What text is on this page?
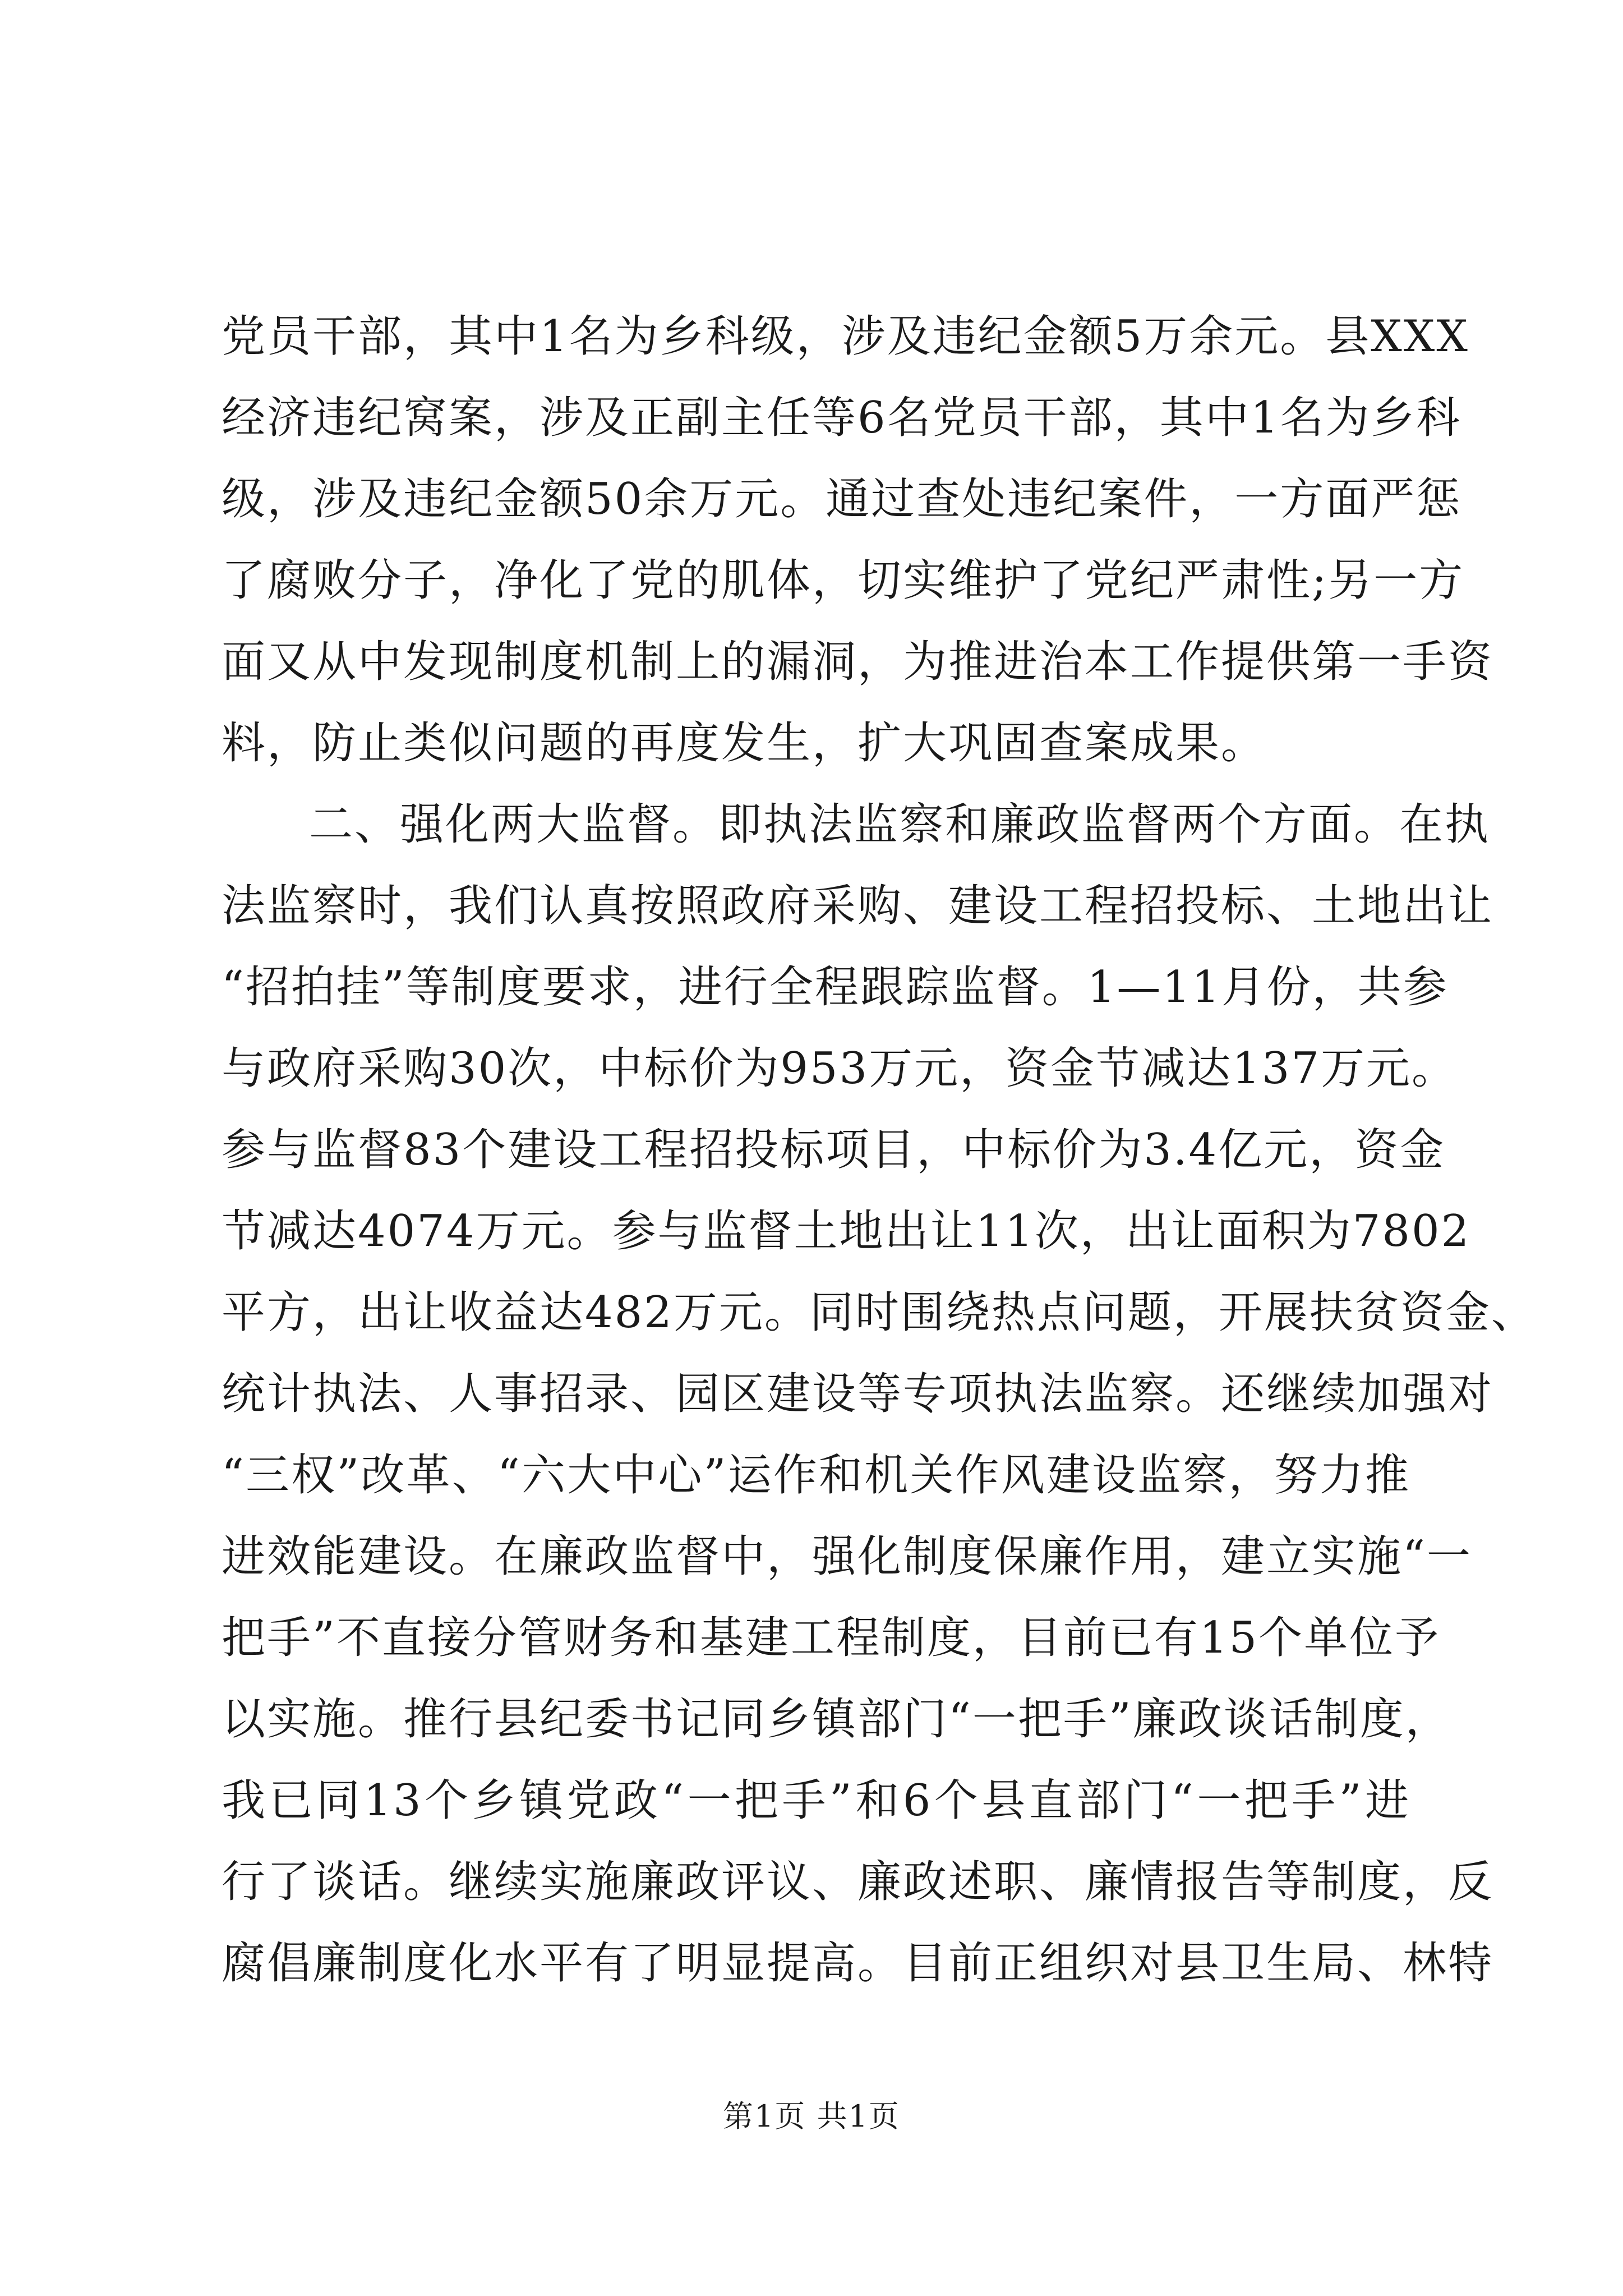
党员干部，其中1名为乡科级，涉及违纪金额5万余元。县XXX
经济违纪窝案，涉及正副主任等6名党员干部，其中1名为乡科
级，涉及违纪金额50余万元。通过查处违纪案件，一方面严惩
了腐败分子，净化了党的肌体，切实维护了党纪严肃性;另一方
面又从中发现制度机制上的漏洞，为推进治本工作提供第一手资
料，防止类似问题的再度发生，扩大巩固查案成果。
二、强化两大监督。即执法监察和廉政监督两个方面。在执
法监察时，我们认真按照政府采购、建设工程招投标、土地出让
“招拍挂”等制度要求，进行全程跟踪监督。1—11月份，共参
与政府采购30次，中标价为953万元，资金节减达137万元。
参与监督83个建设工程招投标项目，中标价为3.4亿元，资金
节减达4074万元。参与监督土地出让11次，出让面积为7802
平方，出让收益达482万元。同时围绕热点问题，开展扶贫资金、
统计执法、人事招录、园区建设等专项执法监察。还继续加强对
“三权”改革、“六大中心”运作和机关作风建设监察，努力推
进效能建设。在廉政监督中，强化制度保廉作用，建立实施“一
把手”不直接分管财务和基建工程制度，目前已有15个单位予
以实施。推行县纪委书记同乡镇部门“一把手”廉政谈话制度，
我已同13个乡镇党政“一把手”和6个县直部门“一把手”进
行了谈话。继续实施廉政评议、廉政述职、廉情报告等制度，反
腐倡廉制度化水平有了明显提高。目前正组织对县卫生局、林特
第1页 共1页
